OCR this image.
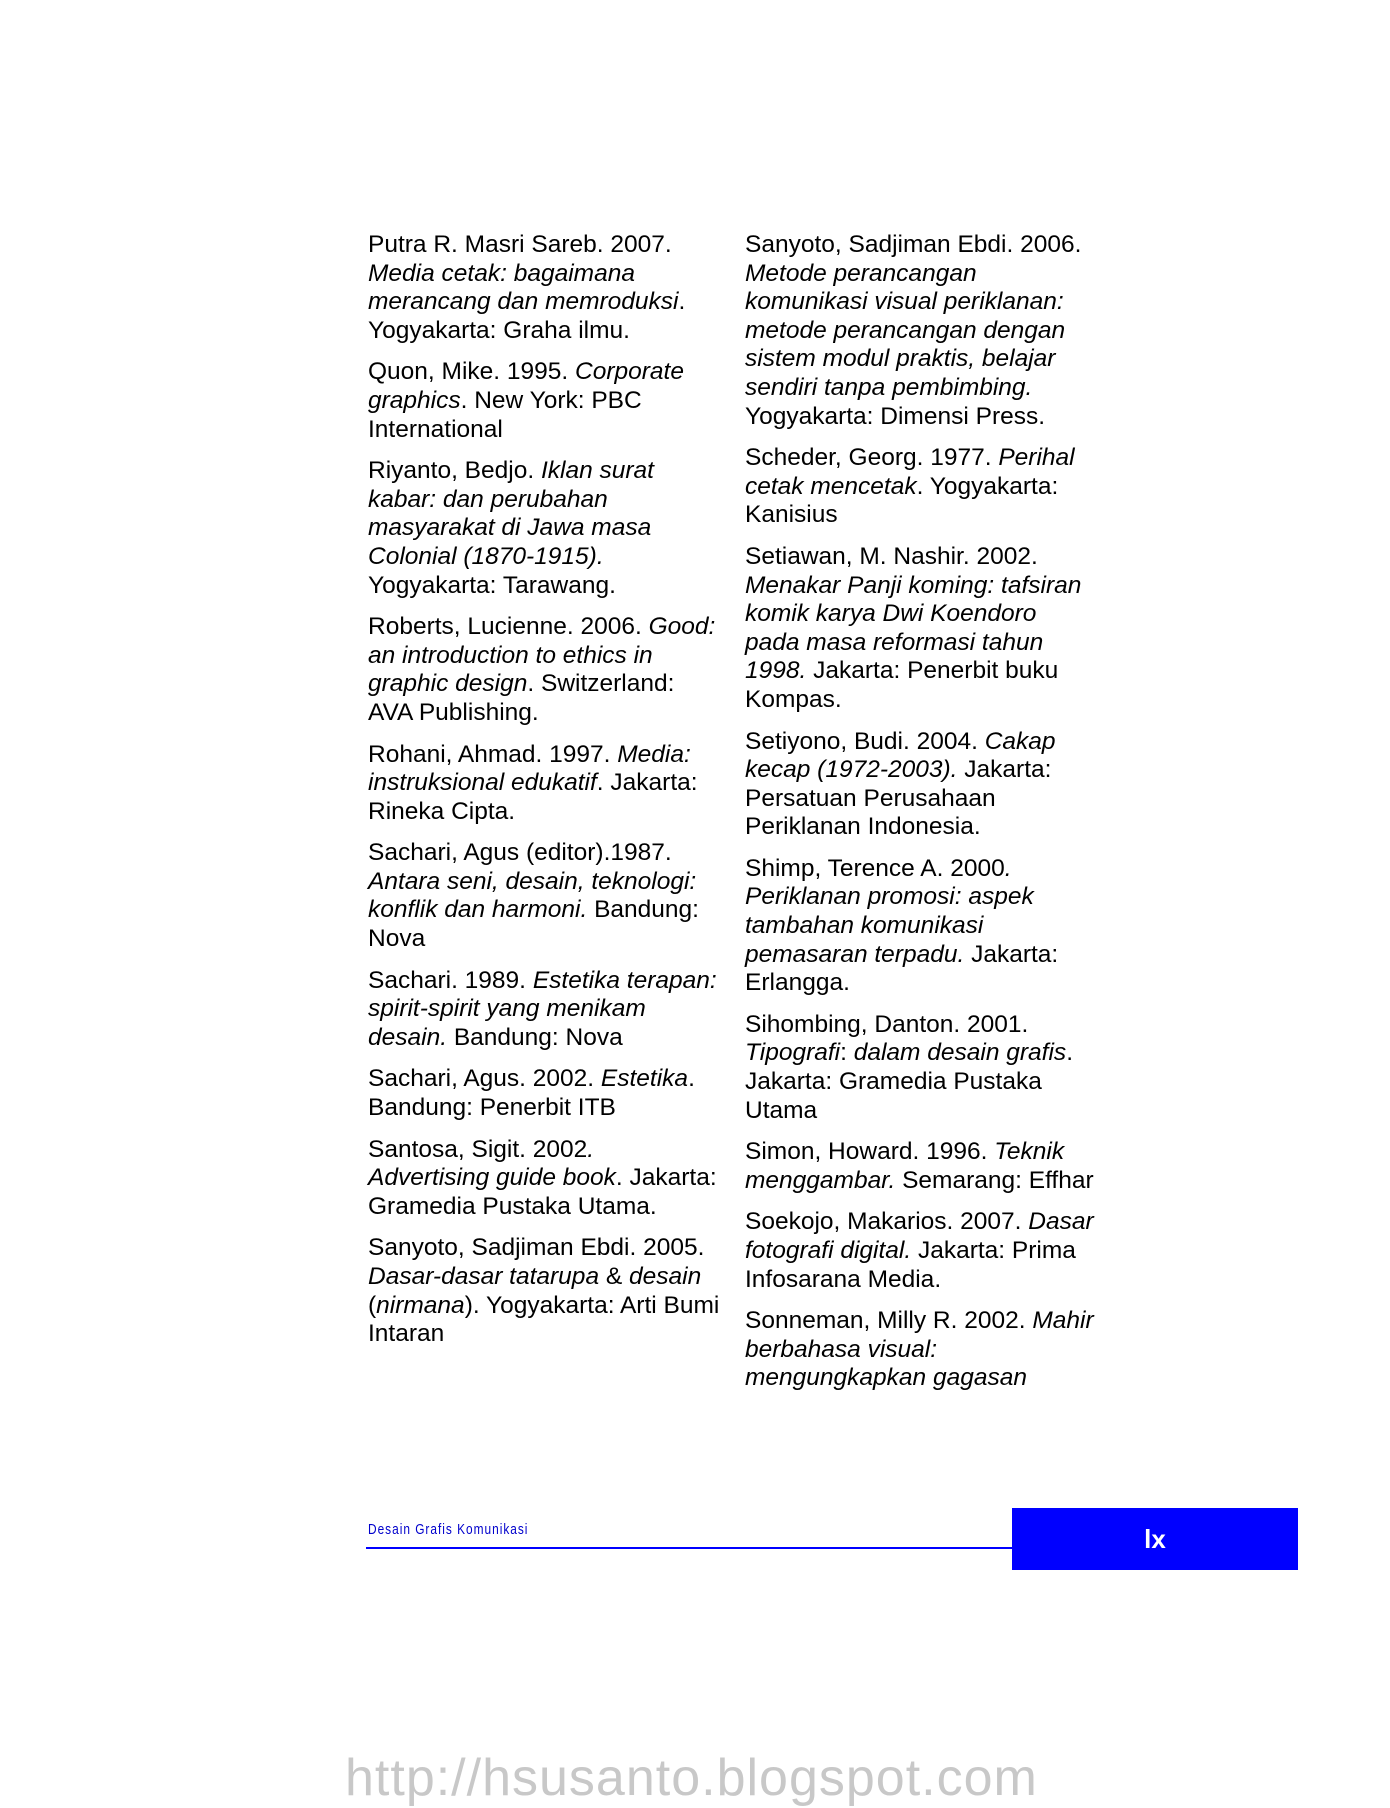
Putra R. Masri Sareb. 2007. Media cetak: bagaimana merancang dan memroduksi. Yogyakarta: Graha ilmu.

Quon, Mike. 1995. Corporate graphics. New York: PBC International

Riyanto, Bedjo. Iklan surat kabar: dan perubahan masyarakat di Jawa masa Colonial (1870-1915). Yogyakarta: Tarawang.

Roberts, Lucienne. 2006. Good: an introduction to ethics in graphic design. Switzerland: AVA Publishing.

Rohani, Ahmad. 1997. Media: instruksional edukatif. Jakarta: Rineka Cipta.

Sachari, Agus (editor).1987. Antara seni, desain, teknologi: konflik dan harmoni. Bandung: Nova

Sachari. 1989. Estetika terapan: spirit-spirit yang menikam desain. Bandung: Nova

Sachari, Agus. 2002. Estetika. Bandung: Penerbit ITB

Santosa, Sigit. 2002. Advertising guide book. Jakarta: Gramedia Pustaka Utama.

Sanyoto, Sadjiman Ebdi. 2005. Dasar-dasar tatarupa & desain (nirmana). Yogyakarta: Arti Bumi Intaran

Sanyoto, Sadjiman Ebdi. 2006. Metode perancangan komunikasi visual periklanan: metode perancangan dengan sistem modul praktis, belajar sendiri tanpa pembimbing. Yogyakarta: Dimensi Press.

Scheder, Georg. 1977. Perihal cetak mencetak. Yogyakarta: Kanisius

Setiawan, M. Nashir. 2002. Menakar Panji koming: tafsiran komik karya Dwi Koendoro pada masa reformasi tahun 1998. Jakarta: Penerbit buku Kompas.

Setiyono, Budi. 2004. Cakap kecap (1972-2003). Jakarta: Persatuan Perusahaan Periklanan Indonesia.

Shimp, Terence A. 2000. Periklanan promosi: aspek tambahan komunikasi pemasaran terpadu. Jakarta: Erlangga.

Sihombing, Danton. 2001. Tipografi: dalam desain grafis. Jakarta: Gramedia Pustaka Utama

Simon, Howard. 1996. Teknik menggambar. Semarang: Effhar

Soekojo, Makarios. 2007. Dasar fotografi digital. Jakarta: Prima Infosarana Media.

Sonneman, Milly R. 2002. Mahir berbahasa visual: mengungkapkan gagasan

Desain Grafis Komunikasi	lx
http://hsusanto.blogspot.com
